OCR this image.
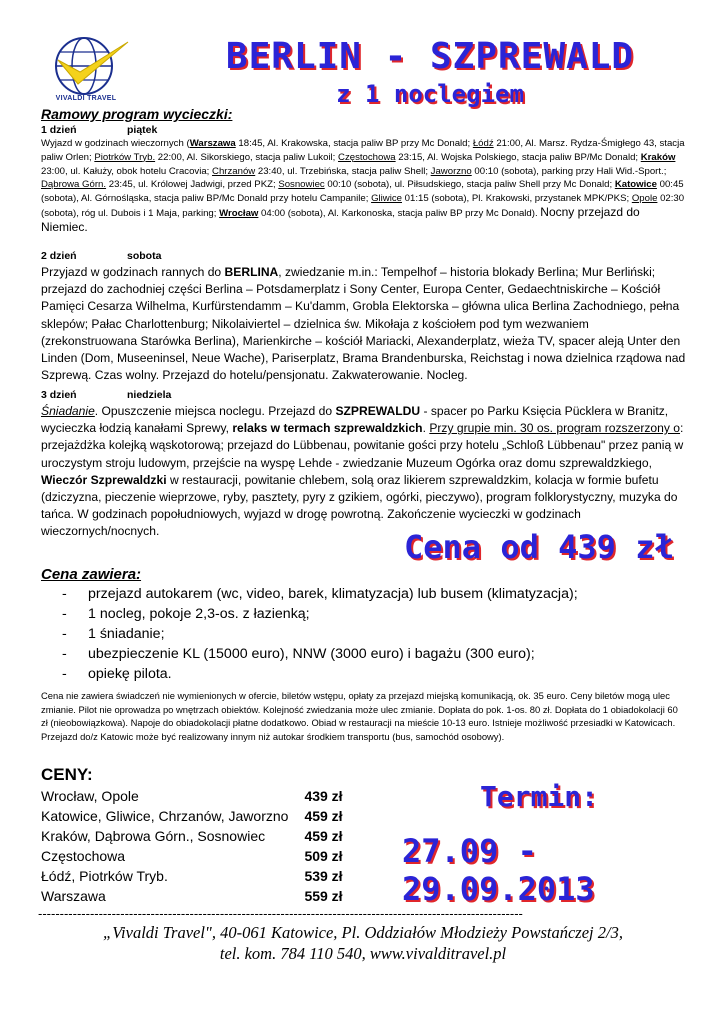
VIVALDI TRAVEL
BERLIN - SZPREWALD
z 1 noclegiem
Ramowy program wycieczki:
1 dzień	piątek
Wyjazd w godzinach wieczornych (Warszawa 18:45, Al. Krakowska, stacja paliw BP przy Mc Donald; Łódź 21:00, Al. Marsz. Rydza-Śmigłego 43, stacja paliw Orlen; Piotrków Tryb. 22:00, Al. Sikorskiego, stacja paliw Lukoil; Częstochowa 23:15, Al. Wojska Polskiego, stacja paliw BP/Mc Donald; Kraków 23:00, ul. Kałuży, obok hotelu Cracovia; Chrzanów 23:40, ul. Trzebińska, stacja paliw Shell; Jaworzno 00:10 (sobota), parking przy Hali Wid.-Sport.; Dąbrowa Górn. 23:45, ul. Królowej Jadwigi, przed PKZ; Sosnowiec 00:10 (sobota), ul. Piłsudskiego, stacja paliw Shell przy Mc Donald; Katowice 00:45 (sobota), Al. Górnośląska, stacja paliw BP/Mc Donald przy hotelu Campanile; Gliwice 01:15 (sobota), Pl. Krakowski, przystanek MPK/PKS; Opole 02:30 (sobota), róg ul. Dubois i 1 Maja, parking; Wrocław 04:00 (sobota), Al. Karkonoska, stacja paliw BP przy Mc Donald). Nocny przejazd do Niemiec.
2 dzień	sobota
Przyjazd w godzinach rannych do BERLINA, zwiedzanie m.in.: Tempelhof – historia blokady Berlina; Mur Berliński; przejazd do zachodniej części Berlina – Potsdamerplatz i Sony Center, Europa Center, Gedaechtniskirche – Kościół Pamięci Cesarza Wilhelma, Kurfürstendamm – Ku'damm, Grobla Elektorska – główna ulica Berlina Zachodniego, pełna sklepów; Pałac Charlottenburg; Nikolaiviertel – dzielnica św. Mikołaja z kościołem pod tym wezwaniem (zrekonstruowana Starówka Berlina), Marienkirche – kościół Mariacki, Alexanderplatz, wieża TV, spacer aleją Unter den Linden (Dom, Museeninsel, Neue Wache), Pariserplatz, Brama Brandenburska, Reichstag i nowa dzielnica rządowa nad Szprewą. Czas wolny. Przejazd do hotelu/pensjonatu. Zakwaterowanie. Nocleg.
3 dzień	niedziela
Śniadanie. Opuszczenie miejsca noclegu. Przejazd do SZPREWALDU - spacer po Parku Księcia Pücklera w Branitz, wycieczka łodzią kanałami Sprewy, relaks w termach szprewaldzkich. Przy grupie min. 30 os. program rozszerzony o: przejażdżka kolejką wąskotorową; przejazd do Lübbenau, powitanie gości przy hotelu „Schloß Lübbenau" przez panią w uroczystym stroju ludowym, przejście na wyspę Lehde - zwiedzanie Muzeum Ogórka oraz domu szprewaldzkiego, Wieczór Szprewaldzki w restauracji, powitanie chlebem, solą oraz likierem szprewaldzkim, kolacja w formie bufetu (dziczyzna, pieczenie wieprzowe, ryby, pasztety, pyry z gzikiem, ogórki, pieczywo), program folklorystyczny, muzyka do tańca. W godzinach popołudniowych, wyjazd w drogę powrotną. Zakończenie wycieczki w godzinach wieczornych/nocnych.	Cena od 439 zł
Cena zawiera:
- przejazd autokarem (wc, video, barek, klimatyzacja) lub busem (klimatyzacja);
- 1 nocleg, pokoje 2,3-os. z łazienką;
- 1 śniadanie;
- ubezpieczenie KL (15000 euro), NNW (3000 euro) i bagażu (300 euro);
- opiekę pilota.
Cena nie zawiera świadczeń nie wymienionych w ofercie, biletów wstępu, opłaty za przejazd miejską komunikacją, ok. 35 euro. Ceny biletów mogą ulec zmianie. Pilot nie oprowadza po wnętrzach obiektów. Kolejność zwiedzania może ulec zmianie. Dopłata do pok. 1-os. 80 zł. Dopłata do 1 obiadokolacji 60 zł (nieobowiązkowa). Napoje do obiadokolacji płatne dodatkowo. Obiad w restauracji na mieście 10-13 euro. Istnieje możliwość przesiadki w Katowicach. Przejazd do/z Katowic może być realizowany innym niż autokar środkiem transportu (bus, samochód osobowy).
CENY:
Wrocław, Opole	439 zł
Katowice, Gliwice, Chrzanów, Jaworzno	459 zł
Kraków, Dąbrowa Górn., Sosnowiec	459 zł
Częstochowa	509 zł
Łódź, Piotrków Tryb.	539 zł
Warszawa	559 zł
Termin:
27.09 - 29.09.2013
----------------------------------------------------------------------------------------------------------------
„Vivaldi Travel", 40-061 Katowice, Pl. Oddziałów Młodzieży Powstańczej 2/3,
tel. kom. 784 110 540, www.vivalditravel.pl
